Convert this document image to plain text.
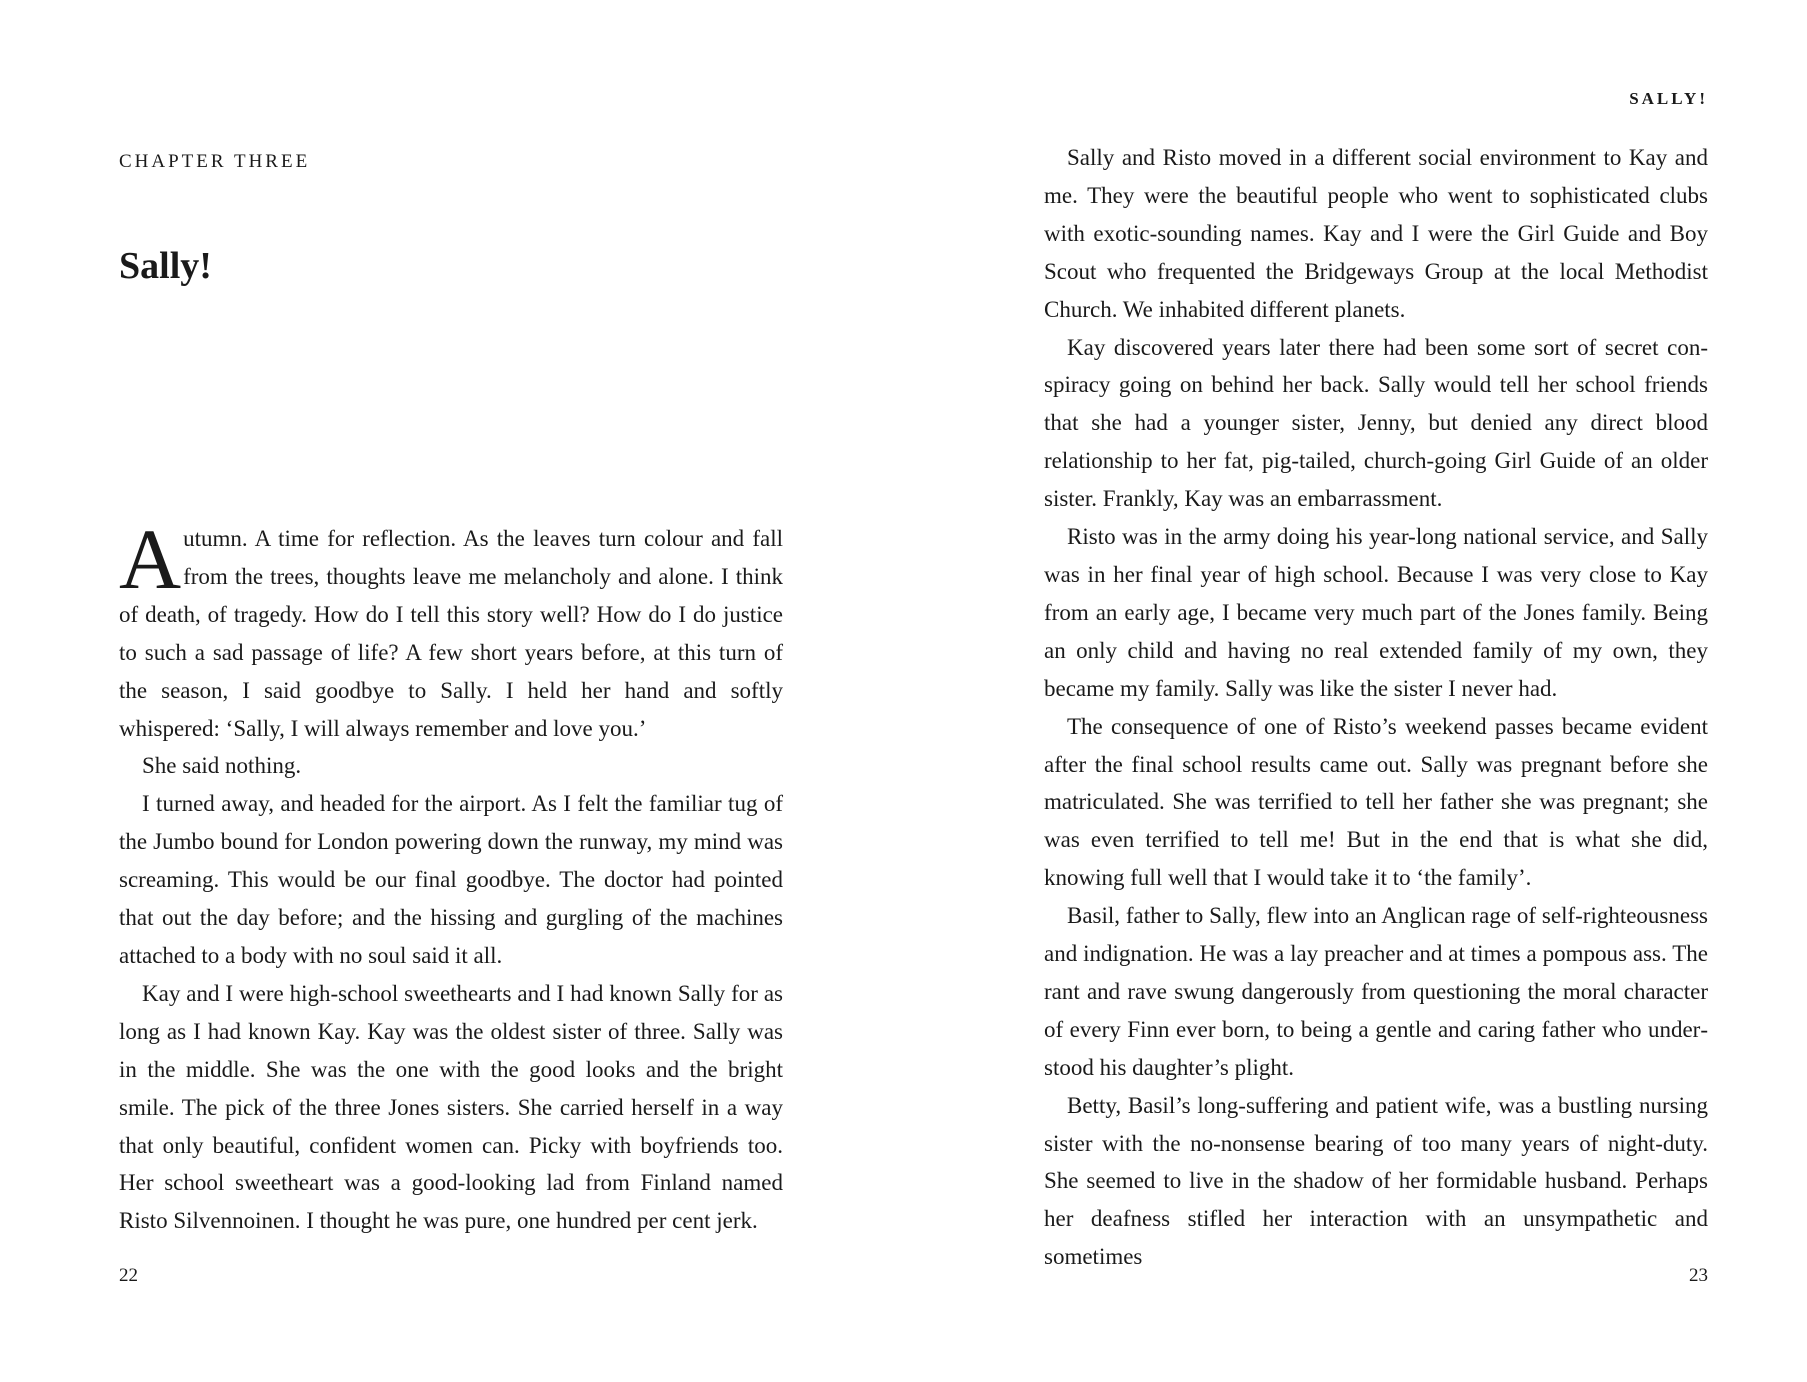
CHAPTER THREE
Sally!

Autumn. A time for reflection. As the leaves turn colour and fall from the trees, thoughts leave me melancholy and alone. I think of death, of tragedy. How do I tell this story well? How do I do justice to such a sad passage of life? A few short years before, at this turn of the season, I said goodbye to Sally. I held her hand and softly whispered: ‘Sally, I will always remember and love you.’

She said nothing.

I turned away, and headed for the airport. As I felt the familiar tug of the Jumbo bound for London powering down the runway, my mind was screaming. This would be our final goodbye. The doctor had pointed that out the day before; and the hissing and gurgling of the machines attached to a body with no soul said it all.

Kay and I were high-school sweethearts and I had known Sally for as long as I had known Kay. Kay was the oldest sister of three. Sally was in the middle. She was the one with the good looks and the bright smile. The pick of the three Jones sisters. She carried herself in a way that only beautiful, confident women can. Picky with boyfriends too. Her school sweetheart was a good-looking lad from Finland named Risto Silvennoinen. I thought he was pure, one hundred per cent jerk.

22
SALLY!

Sally and Risto moved in a different social environment to Kay and me. They were the beautiful people who went to sophisticated clubs with exotic-sounding names. Kay and I were the Girl Guide and Boy Scout who frequented the Bridgeways Group at the local Methodist Church. We inhabited different planets.

Kay discovered years later there had been some sort of secret conspiracy going on behind her back. Sally would tell her school friends that she had a younger sister, Jenny, but denied any direct blood relationship to her fat, pig-tailed, church-going Girl Guide of an older sister. Frankly, Kay was an embarrassment.

Risto was in the army doing his year-long national service, and Sally was in her final year of high school. Because I was very close to Kay from an early age, I became very much part of the Jones family. Being an only child and having no real extended family of my own, they became my family. Sally was like the sister I never had.

The consequence of one of Risto’s weekend passes became evident after the final school results came out. Sally was pregnant before she matriculated. She was terrified to tell her father she was pregnant; she was even terrified to tell me! But in the end that is what she did, knowing full well that I would take it to ‘the family’.

Basil, father to Sally, flew into an Anglican rage of self-righteousness and indignation. He was a lay preacher and at times a pompous ass. The rant and rave swung dangerously from questioning the moral character of every Finn ever born, to being a gentle and caring father who understood his daughter’s plight.

Betty, Basil’s long-suffering and patient wife, was a bustling nursing sister with the no-nonsense bearing of too many years of night-duty. She seemed to live in the shadow of her formidable husband. Perhaps her deafness stifled her interaction with an unsympathetic and sometimes

23
